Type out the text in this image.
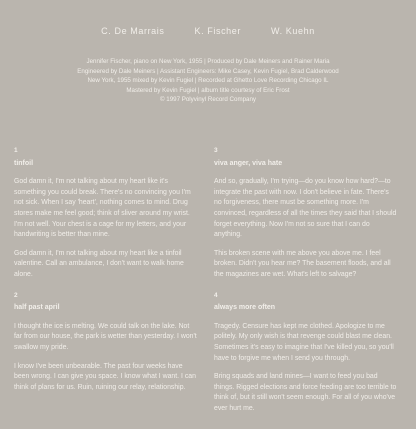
C. De Marrais	K. Fischer	W. Kuehn
Jennifer Fischer, piano on New York, 1955 | Produced by Dale Meiners and Rainer Maria
Engineered by Dale Meiners | Assistant Engineers: Mike Casey, Kevin Fugiel, Brad Calderwood
New York, 1955 mixed by Kevin Fugiel | Recorded at Ghetto Love Recording Chicago IL
Mastered by Kevin Fugiel | album title courtesy of Eric Frost
© 1997 Polyvinyl Record Company
1
tinfoil

God damn it, I'm not talking about my heart like it's something you could break. There's no convincing you I'm not sick. When I say 'heart', nothing comes to mind. Drug stores make me feel good; think of sliver around my wrist. I'm not well. Your chest is a cage for my letters, and your handwriting is better than mine.

God damn it, I'm not talking about my heart like a tinfoil valentine. Call an ambulance, I don't want to walk home alone.

2
half past april

I thought the ice is melting. We could talk on the lake. Not far from our house, the park is wetter than yesterday. I won't swallow my pride.

I know I've been unbearable. The past four weeks have been wrong. I can give you space. I know what I want. I can think of plans for us. Ruin, ruining our relay, relationship.

3
viva anger, viva hate

And so, gradually, I'm trying—do you know how hard?—to integrate the past with now. I don't believe in fate. There's no forgiveness, there must be something more. I'm convinced, regardless of all the times they said that I should forget everything. Now I'm not so sure that I can do anything.

This broken scene with me above you above me. I feel broken. Didn't you hear me? The basement floods, and all the magazines are wet. What's left to salvage?

4
always more often

Tragedy. Censure has kept me clothed. Apologize to me politely. My only wish is that revenge could blast me clean. Sometimes it's easy to imagine that I've killed you, so you'll have to forgive me when I send you through.

Bring squads and land mines—I want to feed you bad things. Rigged elections and force feeding are too terrible to think of, but it still won't seem enough. For all of you who've ever hurt me.
